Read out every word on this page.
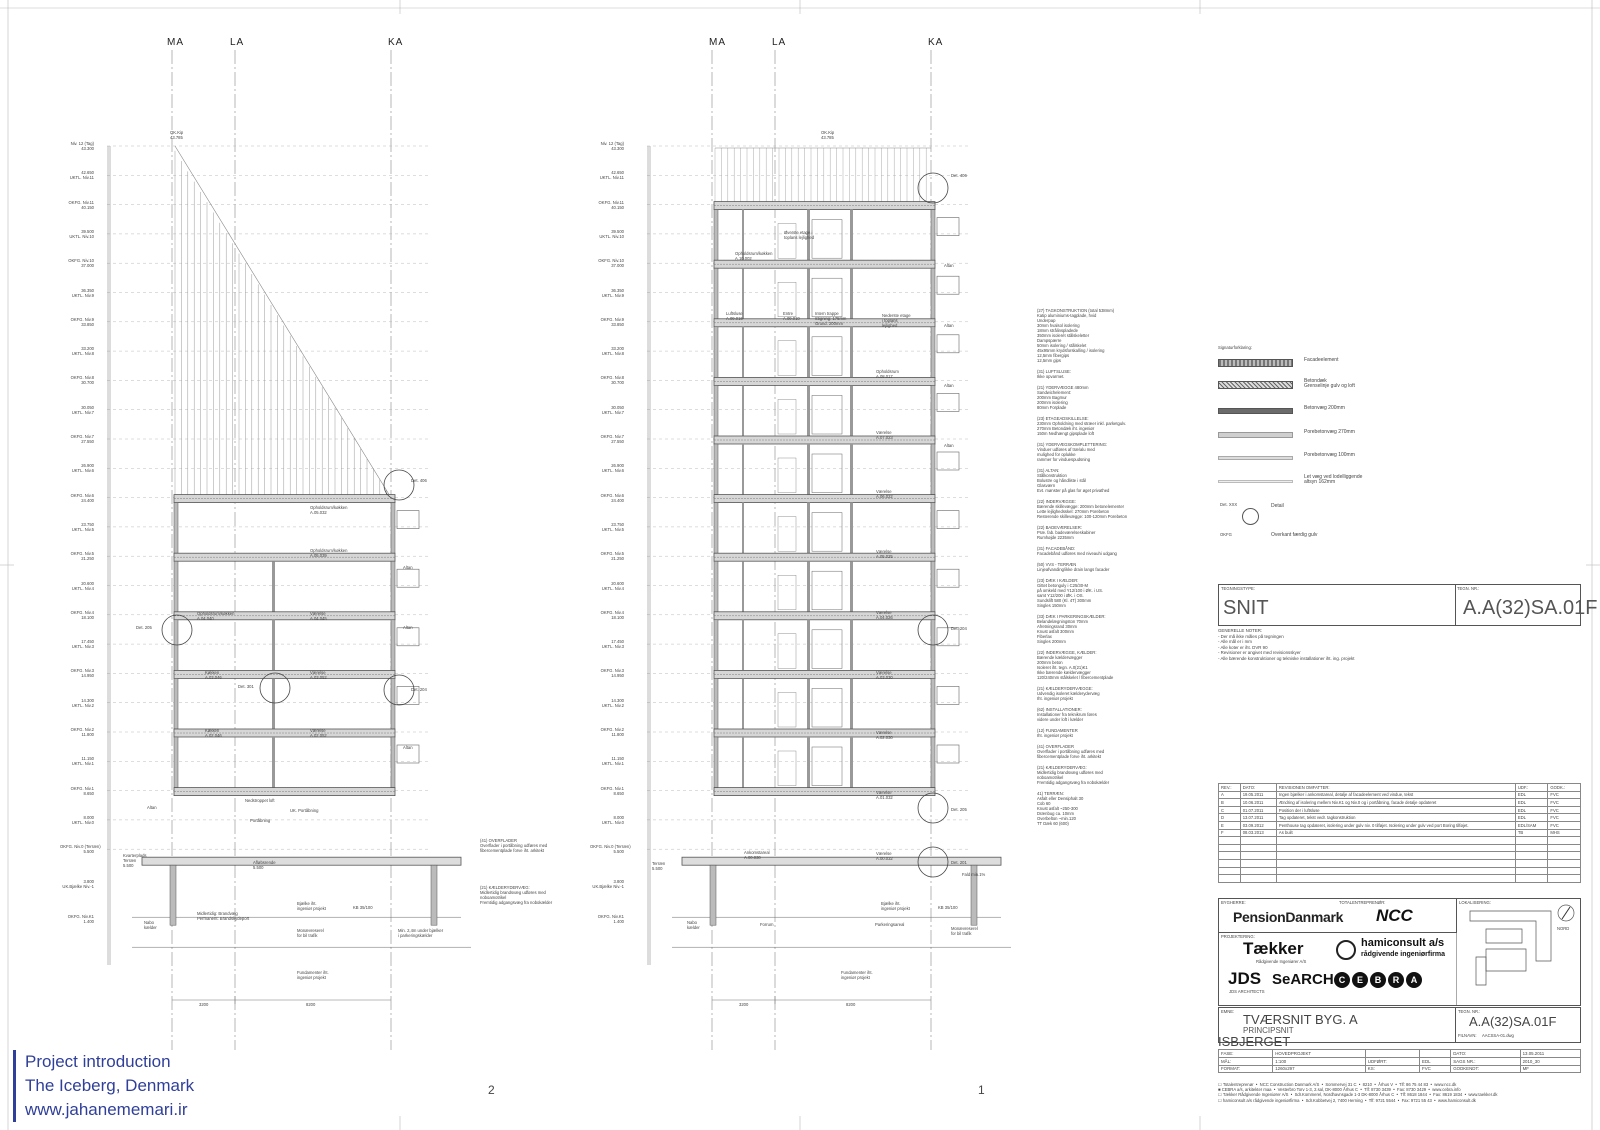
MA	LA	KA	MA	LA	KA
Niv. 12 (Tag)
43.300
42.650
UKTL. Niv.11
OKFG. Niv.11
40.150
39.500
UKTL. Niv.10
OKFG. Niv.10
37.000
36.350
UKTL. Niv.9
OKFG. Niv.9
33.850
33.200
UKTL. Niv.8
OKFG. Niv.8
30.700
30.050
UKTL. Niv.7
OKFG. Niv.7
27.550
26.900
UKTL. Niv.6
OKFG. Niv.6
24.400
23.750
UKTL. Niv.5
OKFG. Niv.5
21.250
20.600
UKTL. Niv.4
OKFG. Niv.4
18.100
17.450
UKTL. Niv.3
OKFG. Niv.3
14.950
14.300
UKTL. Niv.2
OKFG. Niv.2
11.800
11.150
UKTL. Niv.1
OKFG. Niv.1
8.650
8.000
UKTL. Niv.0
OKFG. Niv.0 (Terræn)
5.500
3.800
UK.Bjælke Niv.-1
OKFG. Niv.K1
1.400
Niv. 12 (Tag)
43.300
42.650
UKTL. Niv.11
OKFG. Niv.11
40.150
39.500
UKTL. Niv.10
OKFG. Niv.10
37.000
36.350
UKTL. Niv.9
OKFG. Niv.9
33.850
33.200
UKTL. Niv.8
OKFG. Niv.8
30.700
30.050
UKTL. Niv.7
OKFG. Niv.7
27.550
26.900
UKTL. Niv.6
OKFG. Niv.6
24.400
23.750
UKTL. Niv.5
OKFG. Niv.5
21.250
20.600
UKTL. Niv.4
OKFG. Niv.4
18.100
17.450
UKTL. Niv.3
OKFG. Niv.3
14.950
14.300
UKTL. Niv.2
OKFG. Niv.2
11.800
11.150
UKTL. Niv.1
OKFG. Niv.1
8.650
8.000
UKTL. Niv.0
OKFG. Niv.0 (Terræn)
5.500
3.800
UK.Bjælke Niv.-1
OKFG. Niv.K1
1.400
OK.Kip
43.785
OK.Kip
43.785
Det. 406
Det. 205
Det. 301
Det. 204
Opholdsrum/køkken
A.05.032
Opholdsrum/køkken
A.05.039
Opholdsrum/køkken
A.04.040
Værelse
A.04.045
Køkken
A.03.046
Værelse
A.03.052
Køkken
A.02.046
Værelse
A.02.052
Nedstroppet loft
Portåbning
UK. Portåbning
Kvarterplads
Terræn
5.500
Afløbsrende
5.500
Bjælke iht.
ingeniør projekt	KB 35/100
Midlertidig: Brandvæg
Permanent: Brandskydeport
Monævreserel
for bil trafik
Min. 2,4m under bjælker
i parkeringskælder
Fundamenter iht.
ingeniør projekt
Nabo
kælder
Altan
Altan
Altan
Altan
3200	8200
(41) OVERFLADER
Overflader i portåbning udføres med
fibercementplade forve iht. arkitekt
(21) KÆLDERYDERVÆG:
Midlertidig brandsvæg udføres med
noboamotrikel
Fremtidig adgangsvæg fra nobokælder
Det. 406
Det. 204
Det. 205
Det. 201
Øverste etage i
toplans lejlighed
Opholdsrum/køkken
A.10.002
Intern trappe
Stigning: 175mm
Grund: 200mm
Nederste etage
i toplans
lejlighed
Luftsluse
A.09.016
Entre
A.09.010
Opholdsrum
A.08.017
Værelse
A.07.023
Værelse
A.06.022
Værelse
A.05.025
Værelse
A.04.026
Værelse
A.03.030
Værelse
A.02.030
Værelse
A.01.032
Værelse
A.00.032
Ankomstareal
A.00.030
Forrum	Parkeringsareal
Terræn
5.500
Fald min.1%
Bjælke iht.
ingeniør projekt	KB 35/100
Monævreserel
for bil trafik
Fundamenter iht.
ingeniør projekt
Nabo
kælder
Altan
Altan
Altan
Altan
3200	8200
(27) TAGKONSTRUKTION (total 538mm)
Katip aluminiums-tagplade, hvid
Underpap
30mm hvalsol isolering
18mm strålinspladede
350mm isolerét stålskeletter
Dampspærre
50mm isolering / stålskelet
45x95mm krydsforskalling / isolering
12,5mm fibergips
12,5mm gips
(31) LUFTSLUSE:
Ikke opvarmet.
(21) YDERVÆGGE 480mm
Sandwichelement:
200mm Bagmur
200mm isolering
80mm Forplade
(23) ETAGEADSKILLELSE:
230mm Opholdning med stræer inkl. parketgulv.
270mm Betondæk iht. ingeniør
150m Nedhængt gipsplade loft
(31) YDERVÆGSKOMPLETTERING:
Vinduer udføres af træ/alu med
mulighed for oplukke
rammer for vinduespudsning
(31) ALTAN:
Stålkonstruktion
Bolustre og håndliste i stål
Glasværn
Evt. mønster på glas for øget privathed
(22) INDERVÆGGE:
Bærende skillevægge: 200mm betonelementer
Lette lejlighedsskel: 270mm Porebeton
Resterende skillevægge: 100-120mm Porebeton
(22) BADEVÆRELSER:
Præ. fab. badeværelseskabiner
Rumhøjde 2235mm
(31) FACADEBÅND:
Facadebånd udføres med niveauhi udgang
(50) VVS - TERRÆN
Linjeafvanding/ikke drain langs facader
(23) DÆK I KÆLDER:
Gittet betonguly i C25/30-M
på omkeld med Y12/100 i ØK. i US.
samt Y12/200 i ØK. i OS.
Sundslift 580 (Kl. 4T) 300mm
Singles 150mm
(33) DÆK I PARKERINGSKÆLDER:
Belandelægningston 70mm
Afretningsrand 30mm
Knust asfalt 300mm
Fiberlax
Singles 200mm
(22) INDERVÆGGE, KÆLDER:
Bærende kældervægger
200mm beton
Isoleret iht. tegn. A.0(21)K1
Ikke bærende kældervægger
120/240mm stålskelet / fibercementplade
(21) KÆLDERYDERVÆGGE:
Udvendig isoleret kælderydervæg
Iht. ingeniør projekt
(62) INSTALLATIONER:
Installationer fra teknikrum føres
videre under loft i kælder
(12) FUNDAMENTER
Iht. ingeniør projekt
(41) OVERFLADER
Overflader i portåbning udføres med
fibercementplade forve iht. arkitekt
(21) KÆLDERYDERVÆG:
Midlertidig brandsvæg udføres med
noboamotrikel
Fremtidig adgangsvæg fra nobokælder
41) TERRÆN:
Asfalt eller Densiphalt 30
Cob 60
Knust asfalt ~250-300
Drænbug ca. 10mm
Overbelton ~min.120
TT Dæk 60 (600)
Signaturforklaring:
Facadeelement
Betondæk
Grenselinje gulv og loft
Betonvæg 200mm
Porebetonvæg 270mm
Porebetonvæg 100mm
Let væg ved lodelliggende
altsyn 162mm
Det. XXX	Detail
OKFG	Overkant færdig gulv
TEGNINGSTYPE:	TEGN. NR.:
SNIT	A.A(32)SA.01F
GENERELLE NOTER:
- Der må ikke måles på tegningen
- Alle mål er i mm
- Alle koter er iht. DVR 90
- Revisioner er angivet med revisionsskyer
- Alle bærende konstruktioner og tekniske installationer iht. ing. projekt
REV.:	DATO:	REVISIONEN OMFATTER:	UDF.:	GODK.:
A	19.05.2011	Ingen bjælker i ankomstareal, detalje af facadeelement ved vindue, tekst	EDL	FVC
B	10.06.2011	Ændring af isolering mellem Niv.K1 og Niv.0 og i portåbning, facade detalje opdateret	EDL	FVC
C	01.07.2011	Position der i luftsluse	EDL	FVC
D	13.07.2011	Tag opdateret, tekst vedr. tagkonstruktion	EDL	FVC
E	03.09.2012	Penthouse tag opdateret, isolering under gulv niv. 0 tilføjet. Isolering under gulv ved port Boring tilføjet.	EDL/SAM	FVC
F	08.03.2013	As built	TB	MHS

BYGHERRE:	TOTALENTREPRENØR:	LOKALISERING:
PROJEKTERING:
PensionDanmark NCC
Tækker
Rådgivende Ingeniører A/S
hamiconsult a/s
rådgivende ingeniørfirma
JDS
JDS ARCHITECTS
SeARCH C	E	B	R	A
NORD
EMNE:	TEGN. NR.:
TVÆRSNIT BYG. A
PRINCIPSNIT
A.A(32)SA.01F
FILNAVN: AACSSA-01.dwg
ISBJERGET
FASE:	HOVEDPROJEKT			DATO:	13.05.2011
MÅL:	1:100	UDFØRT:	EDL	SAGS NR.:	2010_30
FORMAT:	1260x297	KS:	FVC	GODKENDT:	MF
☐ Totalentreprenør  •  NCC Construction Danmark A/S  •  Sommervej 31 C  •  8210  •  Århus V  •  Tlf: 86 75 44 83  •  www.ncc.dk
■ CEBRA a/s, arkitekter maa  •  Vesterbro Torv 1-3, 2.sal, DK-8000 Århus C  •  Tlf: 8730 3439  •  Fax: 8730 3429  •  www.cebra.info
☐ Tækker Rådgivende Ingeniører A/S  •  Sdr.Kommerel, Nordhavnsgade 1-3 DK-8000 Århus C  •  Tlf: 8618 1844  •  Fax: 8619 1834  •  www.taekker.dk
☐ hamiconsult a/s rådgivende ingeniørfirma  •  Sdr.Kobbetvej 2, 7400 Herning  •  Tlf: 9721 5544  •  Fax: 9721 55 43  •  www.hamiconsult.dk
2	1
Project introduction
The Iceberg, Denmark
www.jahanememari.ir
